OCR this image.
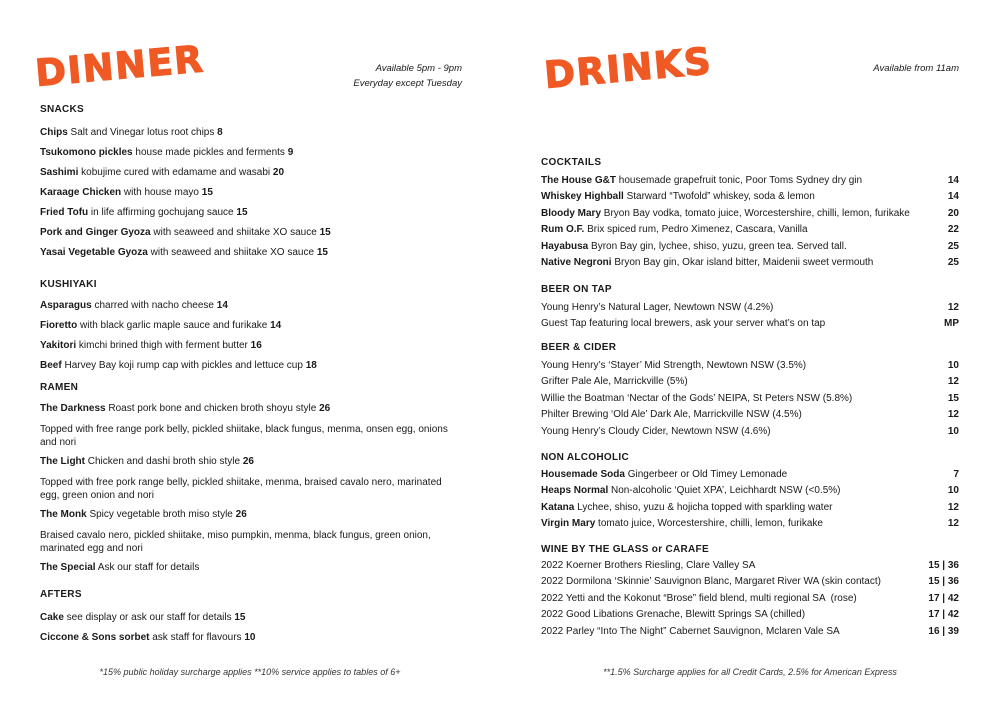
DINNER	Available 5pm - 9pm
Everyday except Tuesday
SNACKS
Chips Salt and Vinegar lotus root chips 8
Tsukomono pickles house made pickles and ferments 9
Sashimi kobujime cured with edamame and wasabi 20
Karaage Chicken with house mayo 15
Fried Tofu in life affirming gochujang sauce 15
Pork and Ginger Gyoza with seaweed and shiitake XO sauce 15
Yasai Vegetable Gyoza with seaweed and shiitake XO sauce 15
KUSHIYAKI
Asparagus charred with nacho cheese 14
Fioretto with black garlic maple sauce and furikake 14
Yakitori kimchi brined thigh with ferment butter 16
Beef Harvey Bay koji rump cap with pickles and lettuce cup 18
RAMEN
The Darkness Roast pork bone and chicken broth shoyu style 26
Topped with free range pork belly, pickled shiitake, black fungus, menma, onsen egg, onions and nori
The Light Chicken and dashi broth shio style 26
Topped with free pork range belly, pickled shiitake, menma, braised cavalo nero, marinated egg, green onion and nori
The Monk Spicy vegetable broth miso style 26
Braised cavalo nero, pickled shiitake, miso pumpkin, menma, black fungus, green onion, marinated egg and nori
The Special Ask our staff for details
AFTERS
Cake see display or ask our staff for details 15
Ciccone & Sons sorbet ask staff for flavours 10
DRINKS	Available from 11am
COCKTAILS
The House G&T housemade grapefruit tonic, Poor Toms Sydney dry gin	14
Whiskey Highball Starward “Twofold” whiskey, soda & lemon	14
Bloody Mary Bryon Bay vodka, tomato juice, Worcestershire, chilli, lemon, furikake	20
Rum O.F. Brix spiced rum, Pedro Ximenez, Cascara, Vanilla	22
Hayabusa Byron Bay gin, lychee, shiso, yuzu, green tea. Served tall.	25
Native Negroni Bryon Bay gin, Okar island bitter, Maidenii sweet vermouth	25
BEER ON TAP
Young Henry’s Natural Lager, Newtown NSW (4.2%)	12
Guest Tap featuring local brewers, ask your server what’s on tap	MP
BEER & CIDER
Young Henry’s ‘Stayer’ Mid Strength, Newtown NSW (3.5%)	10
Grifter Pale Ale, Marrickville (5%)	12
Willie the Boatman ‘Nectar of the Gods’ NEIPA, St Peters NSW (5.8%)	15
Philter Brewing ‘Old Ale’ Dark Ale, Marrickville NSW (4.5%)	12
Young Henry’s Cloudy Cider, Newtown NSW (4.6%)	10
NON ALCOHOLIC
Housemade Soda Gingerbeer or Old Timey Lemonade	7
Heaps Normal Non-alcoholic ‘Quiet XPA’, Leichhardt NSW (<0.5%)	10
Katana Lychee, shiso, yuzu & hojicha topped with sparkling water	12
Virgin Mary tomato juice, Worcestershire, chilli, lemon, furikake	12
WINE BY THE GLASS or CARAFE
2022 Koerner Brothers Riesling, Clare Valley SA	15 | 36
2022 Dormilona ‘Skinnie’ Sauvignon Blanc, Margaret River WA (skin contact)	15 | 36
2022 Yetti and the Kokonut “Brose” field blend, multi regional SA  (rose)	17 | 42
2022 Good Libations Grenache, Blewitt Springs SA (chilled)	17 | 42
2022 Parley “Into The Night” Cabernet Sauvignon, Mclaren Vale SA	16 | 39
*15% public holiday surcharge applies **10% service applies to tables of 6+	**1.5% Surcharge applies for all Credit Cards, 2.5% for American Express
